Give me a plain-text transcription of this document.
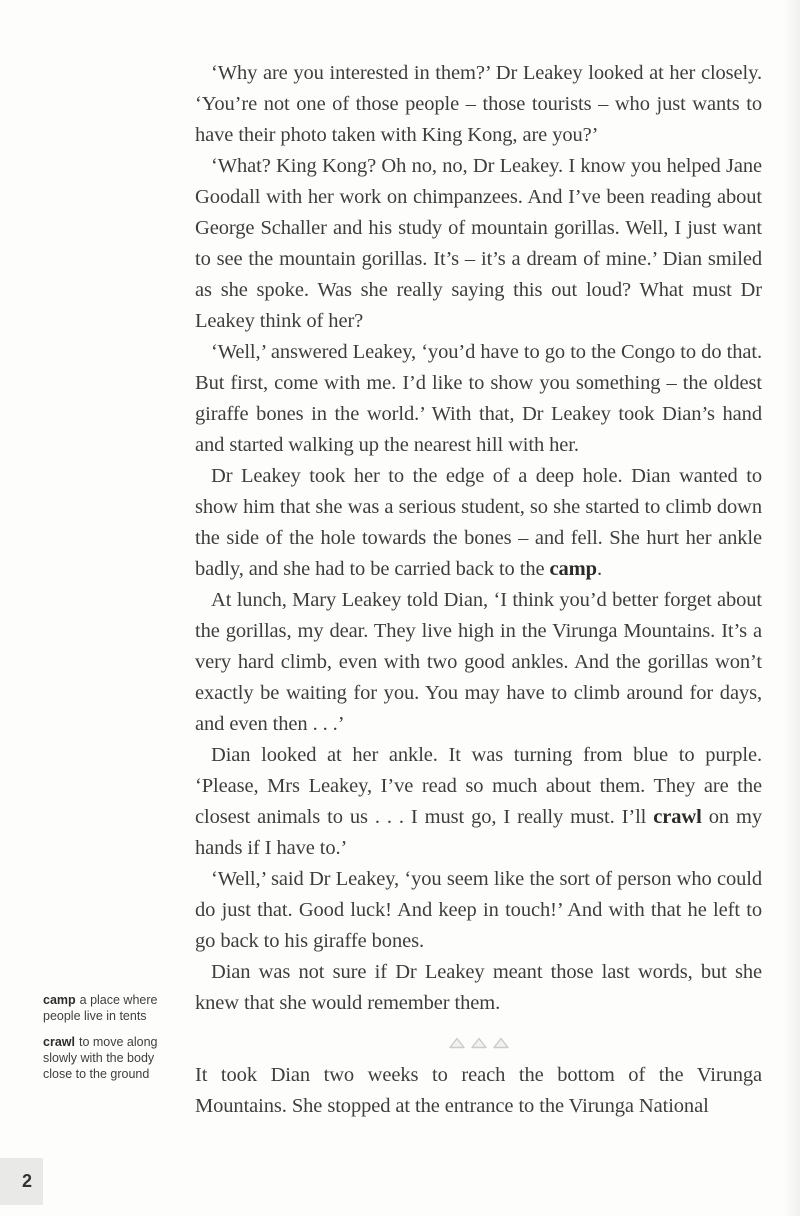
‘Why are you interested in them?’ Dr Leakey looked at her closely. ‘You’re not one of those people – those tourists – who just wants to have their photo taken with King Kong, are you?’

‘What? King Kong? Oh no, no, Dr Leakey. I know you helped Jane Goodall with her work on chimpanzees. And I’ve been reading about George Schaller and his study of mountain gorillas. Well, I just want to see the mountain gorillas. It’s – it’s a dream of mine.’ Dian smiled as she spoke. Was she really saying this out loud? What must Dr Leakey think of her?

‘Well,’ answered Leakey, ‘you’d have to go to the Congo to do that. But first, come with me. I’d like to show you something – the oldest giraffe bones in the world.’ With that, Dr Leakey took Dian’s hand and started walking up the nearest hill with her.

Dr Leakey took her to the edge of a deep hole. Dian wanted to show him that she was a serious student, so she started to climb down the side of the hole towards the bones – and fell. She hurt her ankle badly, and she had to be carried back to the camp.

At lunch, Mary Leakey told Dian, ‘I think you’d better forget about the gorillas, my dear. They live high in the Virunga Mountains. It’s a very hard climb, even with two good ankles. And the gorillas won’t exactly be waiting for you. You may have to climb around for days, and even then . . .’

Dian looked at her ankle. It was turning from blue to purple. ‘Please, Mrs Leakey, I’ve read so much about them. They are the closest animals to us . . . I must go, I really must. I’ll crawl on my hands if I have to.’

‘Well,’ said Dr Leakey, ‘you seem like the sort of person who could do just that. Good luck! And keep in touch!’ And with that he left to go back to his giraffe bones.

Dian was not sure if Dr Leakey meant those last words, but she knew that she would remember them.

It took Dian two weeks to reach the bottom of the Virunga Mountains. She stopped at the entrance to the Virunga National

camp a place where people live in tents

crawl to move along slowly with the body close to the ground

2
